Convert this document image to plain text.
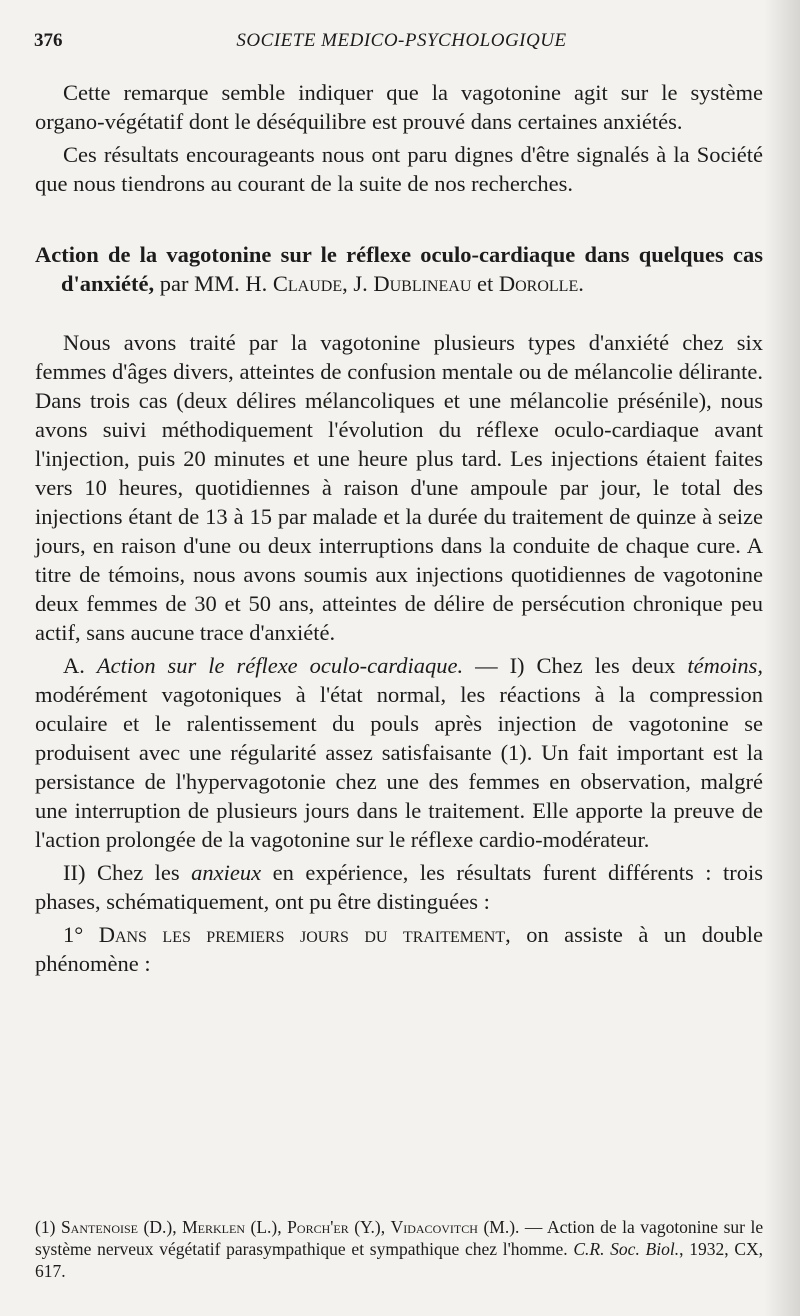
376	SOCIETE MEDICO-PSYCHOLOGIQUE

Cette remarque semble indiquer que la vagotonine agit sur le système organo-végétatif dont le déséquilibre est prouvé dans certaines anxiétés.

Ces résultats encourageants nous ont paru dignes d'être signalés à la Société que nous tiendrons au courant de la suite de nos recherches.

Action de la vagotonine sur le réflexe oculo-cardiaque dans quelques cas d'anxiété, par MM. H. Claude, J. Dublineau et Dorolle.

Nous avons traité par la vagotonine plusieurs types d'anxiété chez six femmes d'âges divers, atteintes de confusion mentale ou de mélancolie délirante. Dans trois cas (deux délires mélancoliques et une mélancolie présénile), nous avons suivi méthodiquement l'évolution du réflexe oculo-cardiaque avant l'injection, puis 20 minutes et une heure plus tard. Les injections étaient faites vers 10 heures, quotidiennes à raison d'une ampoule par jour, le total des injections étant de 13 à 15 par malade et la durée du traitement de quinze à seize jours, en raison d'une ou deux interruptions dans la conduite de chaque cure. A titre de témoins, nous avons soumis aux injections quotidiennes de vagotonine deux femmes de 30 et 50 ans, atteintes de délire de persécution chronique peu actif, sans aucune trace d'anxiété.

A. Action sur le réflexe oculo-cardiaque. — I) Chez les deux témoins, modérément vagotoniques à l'état normal, les réactions à la compression oculaire et le ralentissement du pouls après injection de vagotonine se produisent avec une régularité assez satisfaisante (1). Un fait important est la persistance de l'hypervagotonie chez une des femmes en observation, malgré une interruption de plusieurs jours dans le traitement. Elle apporte la preuve de l'action prolongée de la vagotonine sur le réflexe cardio-modérateur.

II) Chez les anxieux en expérience, les résultats furent différents : trois phases, schématiquement, ont pu être distinguées :

1° Dans les premiers jours du traitement, on assiste à un double phénomène :

(1) Santenoise (D.), Merklen (L.), Porch'er (Y.), Vidacovitch (M.). — Action de la vagotonine sur le système nerveux végétatif parasympathique et sympathique chez l'homme. C.R. Soc. Biol., 1932, CX, 617.
